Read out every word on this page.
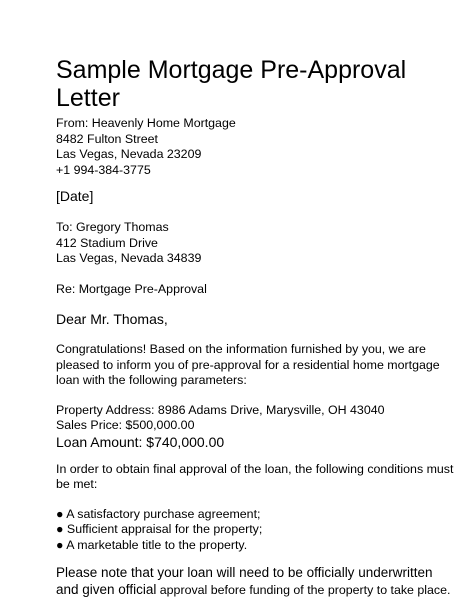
Sample Mortgage Pre-Approval
Letter
From: Heavenly Home Mortgage
8482 Fulton Street
Las Vegas, Nevada 23209
+1 994-384-3775
[Date]
To: Gregory Thomas
412 Stadium Drive
Las Vegas, Nevada 34839
Re: Mortgage Pre-Approval
Dear Mr. Thomas,
Congratulations! Based on the information furnished by you, we are
pleased to inform you of pre-approval for a residential home mortgage
loan with the following parameters:
Property Address: 8986 Adams Drive, Marysville, OH 43040
Sales Price: $500,000.00
Loan Amount: $740,000.00
In order to obtain final approval of the loan, the following conditions must
be met:
● A satisfactory purchase agreement;
● Sufficient appraisal for the property;
● A marketable title to the property.
Please note that your loan will need to be officially underwritten
and given official approval before funding of the property to take place.
